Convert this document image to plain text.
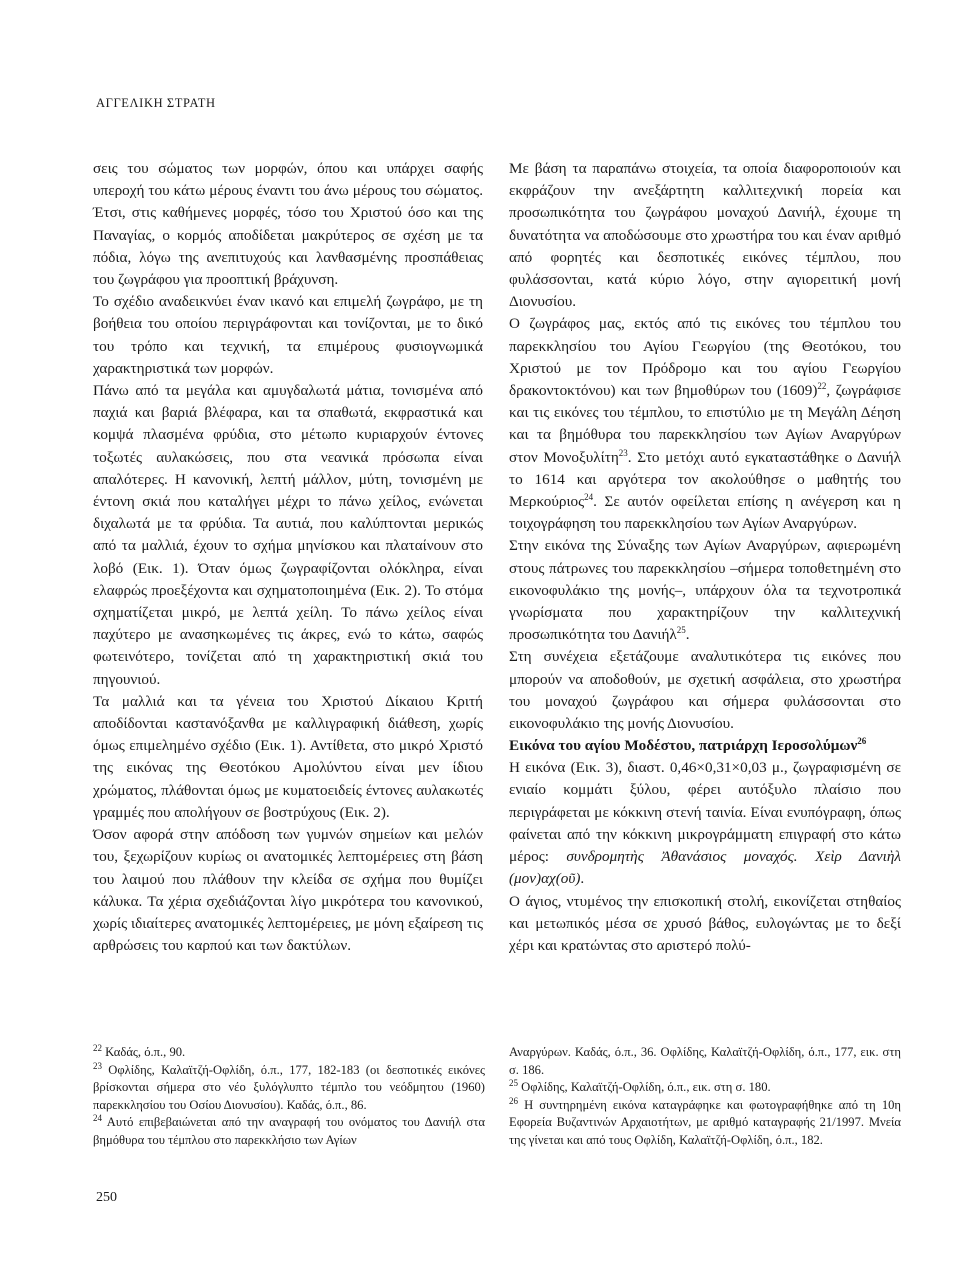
ΑΓΓΕΛΙΚΗ ΣΤΡΑΤΗ

σεις του σώματος των μορφών, όπου και υπάρχει σαφής υπεροχή του κάτω μέρους έναντι του άνω μέρους του σώματος. Έτσι, στις καθήμενες μορφές, τόσο του Χριστού όσο και της Παναγίας, ο κορμός αποδίδεται μακρύτερος σε σχέση με τα πόδια, λόγω της ανεπιτυχούς και λανθασμένης προσπάθειας του ζωγράφου για προοπτική βράχυνση.

Το σχέδιο αναδεικνύει έναν ικανό και επιμελή ζωγράφο, με τη βοήθεια του οποίου περιγράφονται και τονίζονται, με το δικό του τρόπο και τεχνική, τα επιμέρους φυσιογνωμικά χαρακτηριστικά των μορφών.

Πάνω από τα μεγάλα και αμυγδαλωτά μάτια, τονισμένα από παχιά και βαριά βλέφαρα, και τα σπαθωτά, εκφραστικά και κομψά πλασμένα φρύδια, στο μέτωπο κυριαρχούν έντονες τοξωτές αυλακώσεις, που στα νεανικά πρόσωπα είναι απαλότερες. Η κανονική, λεπτή μάλλον, μύτη, τονισμένη με έντονη σκιά που καταλήγει μέχρι το πάνω χείλος, ενώνεται διχαλωτά με τα φρύδια. Τα αυτιά, που καλύπτονται μερικώς από τα μαλλιά, έχουν το σχήμα μηνίσκου και πλαταίνουν στο λοβό (Εικ. 1). Όταν όμως ζωγραφίζονται ολόκληρα, είναι ελαφρώς προεξέχοντα και σχηματοποιημένα (Εικ. 2). Το στόμα σχηματίζεται μικρό, με λεπτά χείλη. Το πάνω χείλος είναι παχύτερο με ανασηκωμένες τις άκρες, ενώ το κάτω, σαφώς φωτεινότερο, τονίζεται από τη χαρακτηριστική σκιά του πηγουνιού.

Τα μαλλιά και τα γένεια του Χριστού Δίκαιου Κριτή αποδίδονται καστανόξανθα με καλλιγραφική διάθεση, χωρίς όμως επιμελημένο σχέδιο (Εικ. 1). Αντίθετα, στο μικρό Χριστό της εικόνας της Θεοτόκου Αμολύντου είναι μεν ίδιου χρώματος, πλάθονται όμως με κυματοειδείς έντονες αυλακωτές γραμμές που απολήγουν σε βοστρύχους (Εικ. 2).

Όσον αφορά στην απόδοση των γυμνών σημείων και μελών του, ξεχωρίζουν κυρίως οι ανατομικές λεπτομέρειες στη βάση του λαιμού που πλάθουν την κλείδα σε σχήμα που θυμίζει κάλυκα. Τα χέρια σχεδιάζονται λίγο μικρότερα του κανονικού, χωρίς ιδιαίτερες ανατομικές λεπτομέρειες, με μόνη εξαίρεση τις αρθρώσεις του καρπού και των δακτύλων.

Με βάση τα παραπάνω στοιχεία, τα οποία διαφοροποιούν και εκφράζουν την ανεξάρτητη καλλιτεχνική πορεία και προσωπικότητα του ζωγράφου μοναχού Δανιήλ, έχουμε τη δυνατότητα να αποδώσουμε στο χρωστήρα του και έναν αριθμό από φορητές και δεσποτικές εικόνες τέμπλου, που φυλάσσονται, κατά κύριο λόγο, στην αγιορειτική μονή Διονυσίου.

Ο ζωγράφος μας, εκτός από τις εικόνες του τέμπλου του παρεκκλησίου του Αγίου Γεωργίου (της Θεοτόκου, του Χριστού με τον Πρόδρομο και του αγίου Γεωργίου δρακοντοκτόνου) και των βημοθύρων του $(1609)^{22}$, ζωγράφισε και τις εικόνες του τέμπλου, το επιστύλιο με τη Μεγάλη Δέηση και τα βημόθυρα του παρεκκλησίου των Αγίων Αναργύρων στον Μονοξυλίτη$^{23}$. Στο μετόχι αυτό εγκαταστάθηκε ο Δανιήλ το 1614 και αργότερα τον ακολούθησε ο μαθητής του Μερκούριος$^{24}$. Σε αυτόν οφείλεται επίσης η ανέγερση και η τοιχογράφηση του παρεκκλησίου των Αγίων Αναργύρων.

Στην εικόνα της Σύναξης των Αγίων Αναργύρων, αφιερωμένη στους πάτρωνες του παρεκκλησίου –σήμερα τοποθετημένη στο εικονοφυλάκιο της μονής–, υπάρχουν όλα τα τεχνοτροπικά γνωρίσματα που χαρακτηρίζουν την καλλιτεχνική προσωπικότητα του Δανιήλ$^{25}$.

Στη συνέχεια εξετάζουμε αναλυτικότερα τις εικόνες που μπορούν να αποδοθούν, με σχετική ασφάλεια, στο χρωστήρα του μοναχού ζωγράφου και σήμερα φυλάσσονται στο εικονοφυλάκιο της μονής Διονυσίου.

Εικόνα του αγίου Μοδέστου, πατριάρχη Ιεροσολύμων$^{26}$

Η εικόνα (Εικ. 3), διαστ. 0,46×0,31×0,03 μ., ζωγραφισμένη σε ενιαίο κομμάτι ξύλου, φέρει αυτόξυλο πλαίσιο που περιγράφεται με κόκκινη στενή ταινία. Είναι ενυπόγραφη, όπως φαίνεται από την κόκκινη μικρογράμματη επιγραφή στο κάτω μέρος: συνδρομητὴς Ἀθανάσιος μοναχός. Χεὶρ Δανιὴλ (μον)αχ(οῦ).

Ο άγιος, ντυμένος την επισκοπική στολή, εικονίζεται στηθαίος και μετωπικός μέσα σε χρυσό βάθος, ευλογώντας με το δεξί χέρι και κρατώντας στο αριστερό πολύ-

$^{22}$ Καδάς, ό.π., 90.

$^{23}$ Οφλίδης, Καλαϊτζή-Οφλίδη, ό.π., 177, 182-183 (οι δεσποτικές εικόνες βρίσκονται σήμερα στο νέο ξυλόγλυπτο τέμπλο του νεόδμητου (1960) παρεκκλησίου του Οσίου Διονυσίου). Καδάς, ό.π., 86.

$^{24}$ Αυτό επιβεβαιώνεται από την αναγραφή του ονόματος του Δανιήλ στα βημόθυρα του τέμπλου στο παρεκκλήσιο των Αγίων

Αναργύρων. Καδάς, ό.π., 36. Οφλίδης, Καλαϊτζή-Οφλίδη, ό.π., 177, εικ. στη σ. 186.

$^{25}$ Οφλίδης, Καλαϊτζή-Οφλίδη, ό.π., εικ. στη σ. 180.

$^{26}$ Η συντηρημένη εικόνα καταγράφηκε και φωτογραφήθηκε από τη 10η Εφορεία Βυζαντινών Αρχαιοτήτων, με αριθμό καταγραφής 21/1997. Μνεία της γίνεται και από τους Οφλίδη, Καλαϊτζή-Οφλίδη, ό.π., 182.

250
